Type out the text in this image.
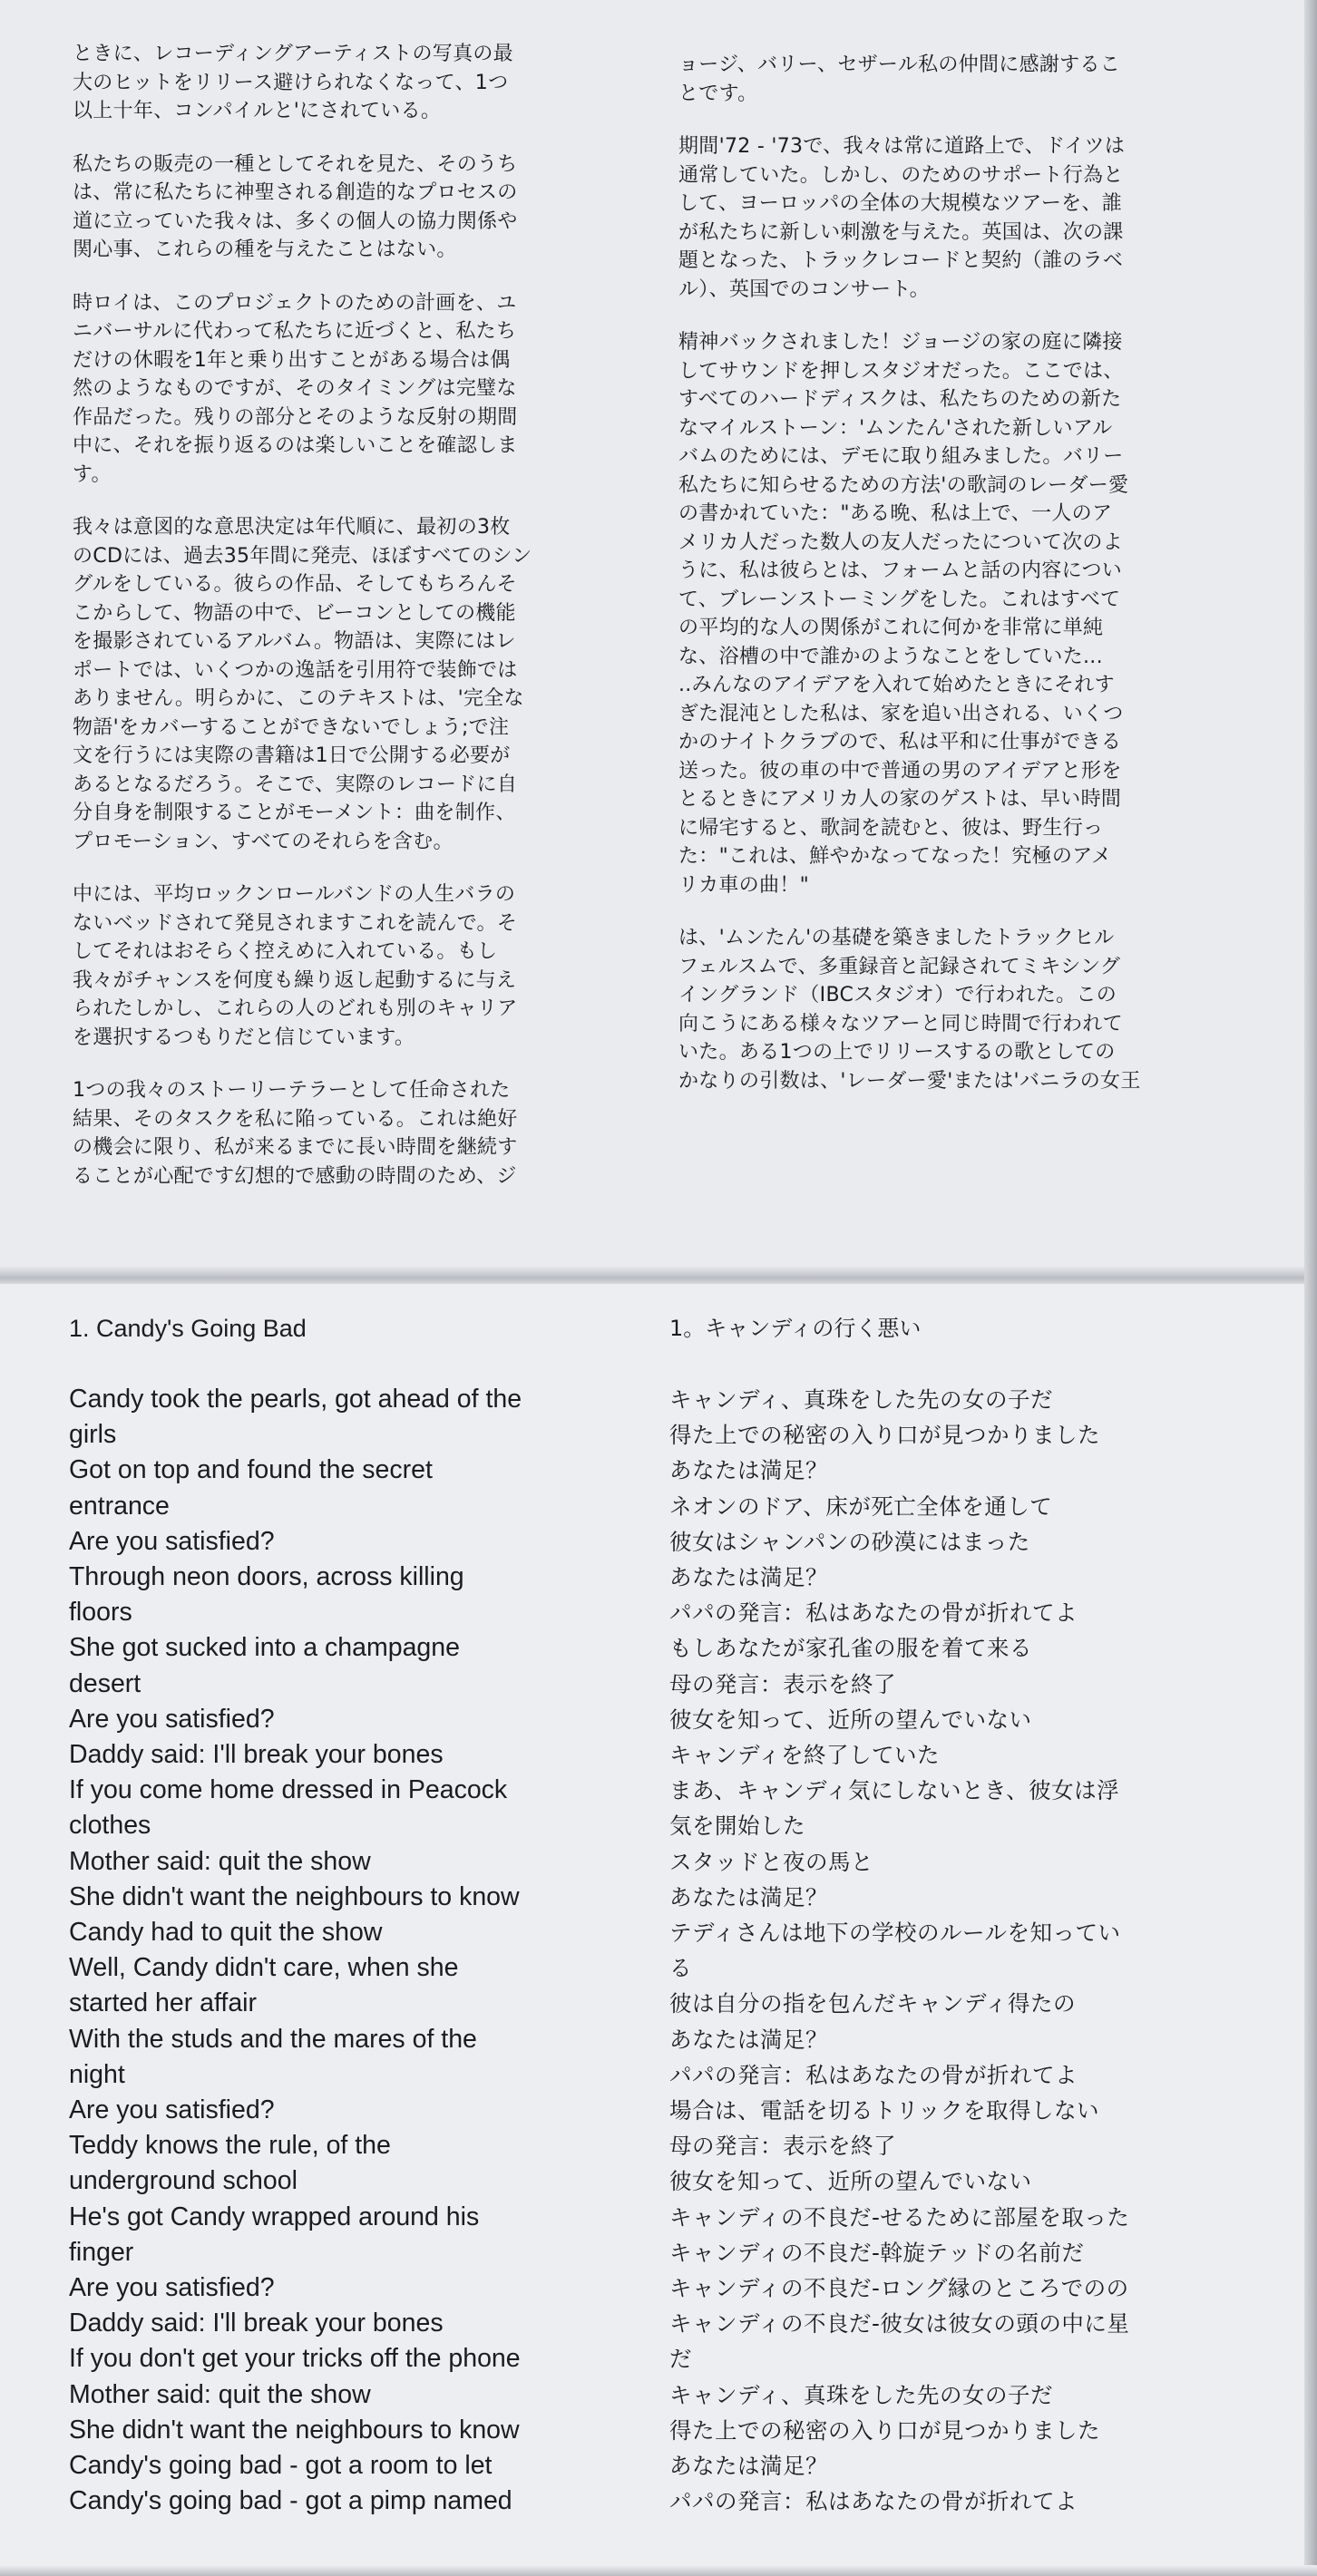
ときに、レコーディングアーティストの写真の最
大のヒットをリリース避けられなくなって、1つ
以上十年、コンパイルと'にされている。

私たちの販売の一種としてそれを見た、そのうち
は、常に私たちに神聖される創造的なプロセスの
道に立っていた我々は、多くの個人の協力関係や
関心事、これらの種を与えたことはない。

時ロイは、このプロジェクトのための計画を、ユ
ニバーサルに代わって私たちに近づくと、私たち
だけの休暇を1年と乗り出すことがある場合は偶
然のようなものですが、そのタイミングは完璧な
作品だった。残りの部分とそのような反射の期間
中に、それを振り返るのは楽しいことを確認しま
す。

我々は意図的な意思決定は年代順に、最初の3枚
のCDには、過去35年間に発売、ほぼすべてのシン
グルをしている。彼らの作品、そしてもちろんそ
こからして、物語の中で、ビーコンとしての機能
を撮影されているアルバム。物語は、実際にはレ
ポートでは、いくつかの逸話を引用符で装飾では
ありません。明らかに、このテキストは、'完全な
物語'をカバーすることができないでしょう;で注
文を行うには実際の書籍は1日で公開する必要が
あるとなるだろう。そこで、実際のレコードに自
分自身を制限することがモーメント：曲を制作、
プロモーション、すべてのそれらを含む。

中には、平均ロックンロールバンドの人生バラの
ないベッドされて発見されますこれを読んで。そ
してそれはおそらく控えめに入れている。もし
我々がチャンスを何度も繰り返し起動するに与え
られたしかし、これらの人のどれも別のキャリア
を選択するつもりだと信じています。

1つの我々のストーリーテラーとして任命された
結果、そのタスクを私に陥っている。これは絶好
の機会に限り、私が来るまでに長い時間を継続す
ることが心配です幻想的で感動の時間のため、ジ

ョージ、バリー、セザール私の仲間に感謝するこ
とです。

期間'72 - '73で、我々は常に道路上で、ドイツは
通常していた。しかし、のためのサポート行為と
して、ヨーロッパの全体の大規模なツアーを、誰
が私たちに新しい刺激を与えた。英国は、次の課
題となった、トラックレコードと契約（誰のラベ
ル）、英国でのコンサート。

精神バックされました！ジョージの家の庭に隣接
してサウンドを押しスタジオだった。ここでは、
すべてのハードディスクは、私たちのための新た
なマイルストーン：'ムンたん'された新しいアル
バムのためには、デモに取り組みました。バリー
私たちに知らせるための方法'の歌詞のレーダー愛
の書かれていた："ある晩、私は上で、一人のア
メリカ人だった数人の友人だったについて次のよ
うに、私は彼らとは、フォームと話の内容につい
て、ブレーンストーミングをした。これはすべて
の平均的な人の関係がこれに何かを非常に単純
な、浴槽の中で誰かのようなことをしていた...
..みんなのアイデアを入れて始めたときにそれす
ぎた混沌とした私は、家を追い出される、いくつ
かのナイトクラブので、私は平和に仕事ができる
送った。彼の車の中で普通の男のアイデアと形を
とるときにアメリカ人の家のゲストは、早い時間
に帰宅すると、歌詞を読むと、彼は、野生行っ
た："これは、鮮やかなってなった！究極のアメ
リカ車の曲！"

は、'ムンたん'の基礎を築きましたトラックヒル
フェルスムで、多重録音と記録されてミキシング
イングランド（IBCスタジオ）で行われた。この
向こうにある様々なツアーと同じ時間で行われて
いた。ある1つの上でリリースするの歌としての
かなりの引数は、'レーダー愛'または'バニラの女王

1. Candy's Going Bad
Candy took the pearls, got ahead of the
girls
Got on top and found the secret
entrance
Are you satisfied?
Through neon doors, across killing
floors
She got sucked into a champagne
desert
Are you satisfied?
Daddy said: I'll break your bones
If you come home dressed in Peacock
clothes
Mother said: quit the show
She didn't want the neighbours to know
Candy had to quit the show
Well, Candy didn't care, when she
started her affair
With the studs and the mares of the
night
Are you satisfied?
Teddy knows the rule, of the
underground school
He's got Candy wrapped around his
finger
Are you satisfied?
Daddy said: I'll break your bones
If you don't get your tricks off the phone
Mother said: quit the show
She didn't want the neighbours to know
Candy's going bad - got a room to let
Candy's going bad - got a pimp named
1。キャンディの行く悪い
キャンディ、真珠をした先の女の子だ
得た上での秘密の入り口が見つかりました
あなたは満足？
ネオンのドア、床が死亡全体を通して
彼女はシャンパンの砂漠にはまった
あなたは満足？
パパの発言：私はあなたの骨が折れてよ
もしあなたが家孔雀の服を着て来る
母の発言：表示を終了
彼女を知って、近所の望んでいない
キャンディを終了していた
まあ、キャンディ気にしないとき、彼女は浮
気を開始した
スタッドと夜の馬と
あなたは満足？
テディさんは地下の学校のルールを知ってい
る
彼は自分の指を包んだキャンディ得たの
あなたは満足？
パパの発言：私はあなたの骨が折れてよ
場合は、電話を切るトリックを取得しない
母の発言：表示を終了
彼女を知って、近所の望んでいない
キャンディの不良だ-せるために部屋を取った
キャンディの不良だ-斡旋テッドの名前だ
キャンディの不良だ-ロング縁のところでのの
キャンディの不良だ-彼女は彼女の頭の中に星
だ
キャンディ、真珠をした先の女の子だ
得た上での秘密の入り口が見つかりました
あなたは満足？
パパの発言：私はあなたの骨が折れてよ
